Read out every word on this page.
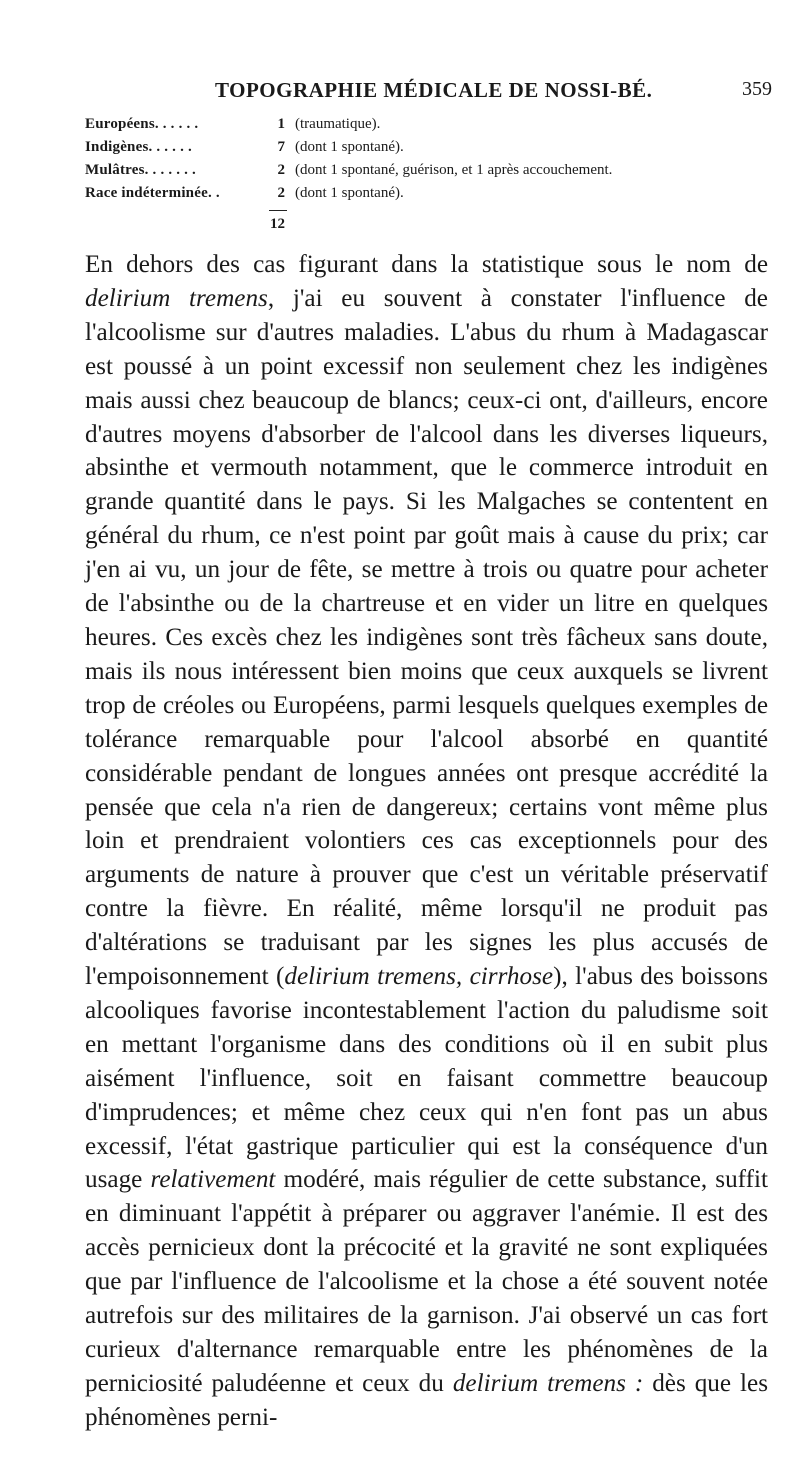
TOPOGRAPHIE MÉDICALE DE NOSSI-BÉ.	359
Européens. . . . . .	1 (traumatique).
Indigènes. . . . . .	7 (dont 1 spontané).
Mulâtres. . . . . . .	2 (dont 1 spontané, guérison, et 1 après accouchement.
Race indéterminée. .	2 (dont 1 spontané).
12
En dehors des cas figurant dans la statistique sous le nom de delirium tremens, j'ai eu souvent à constater l'influence de l'alcoolisme sur d'autres maladies. L'abus du rhum à Madagascar est poussé à un point excessif non seulement chez les indigènes mais aussi chez beaucoup de blancs; ceux-ci ont, d'ailleurs, encore d'autres moyens d'absorber de l'alcool dans les diverses liqueurs, absinthe et vermouth notamment, que le commerce introduit en grande quantité dans le pays. Si les Malgaches se contentent en général du rhum, ce n'est point par goût mais à cause du prix; car j'en ai vu, un jour de fête, se mettre à trois ou quatre pour acheter de l'absinthe ou de la chartreuse et en vider un litre en quelques heures. Ces excès chez les indigènes sont très fâcheux sans doute, mais ils nous intéressent bien moins que ceux auxquels se livrent trop de créoles ou Européens, parmi lesquels quelques exemples de tolérance remarquable pour l'alcool absorbé en quantité considérable pendant de longues années ont presque accrédité la pensée que cela n'a rien de dangereux; certains vont même plus loin et prendraient volontiers ces cas exceptionnels pour des arguments de nature à prouver que c'est un véritable préservatif contre la fièvre. En réalité, même lorsqu'il ne produit pas d'altérations se traduisant par les signes les plus accusés de l'empoisonnement (delirium tremens, cirrhose), l'abus des boissons alcooliques favorise incontestablement l'action du paludisme soit en mettant l'organisme dans des conditions où il en subit plus aisément l'influence, soit en faisant commettre beaucoup d'imprudences; et même chez ceux qui n'en font pas un abus excessif, l'état gastrique particulier qui est la conséquence d'un usage relativement modéré, mais régulier de cette substance, suffit en diminuant l'appétit à préparer ou aggraver l'anémie. Il est des accès pernicieux dont la précocité et la gravité ne sont expliquées que par l'influence de l'alcoolisme et la chose a été souvent notée autrefois sur des militaires de la garnison. J'ai observé un cas fort curieux d'alternance remarquable entre les phénomènes de la perniciosité paludéenne et ceux du delirium tremens : dès que les phénomènes perni-
